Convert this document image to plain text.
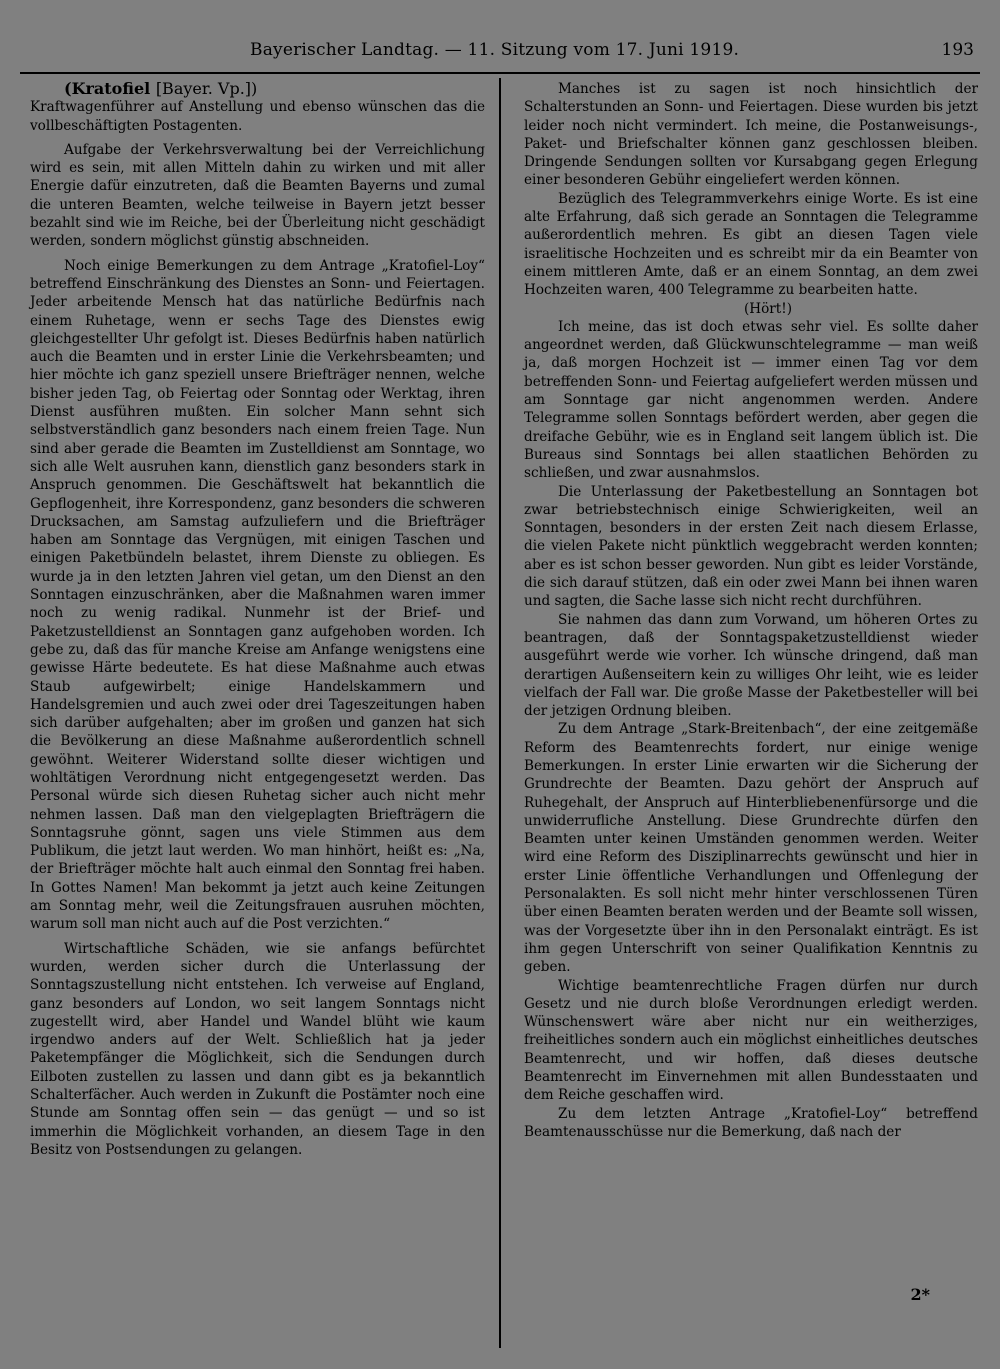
Bayerischer Landtag. — 11. Sitzung vom 17. Juni 1919.	193

(Kratofiel [Bayer. Vp.])

Kraftwagenführer auf Anstellung und ebenso wünschen das die vollbeschäftigten Postagenten.

Aufgabe der Verkehrsverwaltung bei der Verreichlichung wird es sein, mit allen Mitteln dahin zu wirken und mit aller Energie dafür einzutreten, daß die Beamten Bayerns und zumal die unteren Beamten, welche teilweise in Bayern jetzt besser bezahlt sind wie im Reiche, bei der Überleitung nicht geschädigt werden, sondern möglichst günstig abschneiden.

Noch einige Bemerkungen zu dem Antrage „Kratofiel-Loy“ betreffend Einschränkung des Dienstes an Sonn- und Feiertagen. Jeder arbeitende Mensch hat das natürliche Bedürfnis nach einem Ruhetage, wenn er sechs Tage des Dienstes ewig gleichgestellter Uhr gefolgt ist. Dieses Bedürfnis haben natürlich auch die Beamten und in erster Linie die Verkehrsbeamten; und hier möchte ich ganz speziell unsere Briefträger nennen, welche bisher jeden Tag, ob Feiertag oder Sonntag oder Werktag, ihren Dienst ausführen mußten. Ein solcher Mann sehnt sich selbstverständlich ganz besonders nach einem freien Tage. Nun sind aber gerade die Beamten im Zustelldienst am Sonntage, wo sich alle Welt ausruhen kann, dienstlich ganz besonders stark in Anspruch genommen. Die Geschäftswelt hat bekanntlich die Gepflogenheit, ihre Korrespondenz, ganz besonders die schweren Drucksachen, am Samstag aufzuliefern und die Briefträger haben am Sonntage das Vergnügen, mit einigen Taschen und einigen Paketbündeln belastet, ihrem Dienste zu obliegen. Es wurde ja in den letzten Jahren viel getan, um den Dienst an den Sonntagen einzuschränken, aber die Maßnahmen waren immer noch zu wenig radikal. Nunmehr ist der Brief- und Paketzustelldienst an Sonntagen ganz aufgehoben worden. Ich gebe zu, daß das für manche Kreise am Anfange wenigstens eine gewisse Härte bedeutete. Es hat diese Maßnahme auch etwas Staub aufgewirbelt; einige Handelskammern und Handelsgremien und auch zwei oder drei Tageszeitungen haben sich darüber aufgehalten; aber im großen und ganzen hat sich die Bevölkerung an diese Maßnahme außerordentlich schnell gewöhnt. Weiterer Widerstand sollte dieser wichtigen und wohltätigen Verordnung nicht entgegengesetzt werden. Das Personal würde sich diesen Ruhetag sicher auch nicht mehr nehmen lassen. Daß man den vielgeplagten Briefträgern die Sonntagsruhe gönnt, sagen uns viele Stimmen aus dem Publikum, die jetzt laut werden. Wo man hinhört, heißt es: „Na, der Briefträger möchte halt auch einmal den Sonntag frei haben. In Gottes Namen! Man bekommt ja jetzt auch keine Zeitungen am Sonntag mehr, weil die Zeitungsfrauen ausruhen möchten, warum soll man nicht auch auf die Post verzichten.“

Wirtschaftliche Schäden, wie sie anfangs befürchtet wurden, werden sicher durch die Unterlassung der Sonntagszustellung nicht entstehen. Ich verweise auf England, ganz besonders auf London, wo seit langem Sonntags nicht zugestellt wird, aber Handel und Wandel blüht wie kaum irgendwo anders auf der Welt. Schließlich hat ja jeder Paketempfänger die Möglichkeit, sich die Sendungen durch Eilboten zustellen zu lassen und dann gibt es ja bekanntlich Schalterfächer. Auch werden in Zukunft die Postämter noch eine Stunde am Sonntag offen sein — das genügt — und so ist immerhin die Möglichkeit vorhanden, an diesem Tage in den Besitz von Postsendungen zu gelangen.

Manches ist zu sagen ist noch hinsichtlich der Schalterstunden an Sonn- und Feiertagen. Diese wurden bis jetzt leider noch nicht vermindert. Ich meine, die Postanweisungs-, Paket- und Briefschalter können ganz geschlossen bleiben. Dringende Sendungen sollten vor Kursabgang gegen Erlegung einer besonderen Gebühr eingeliefert werden können.

Bezüglich des Telegrammverkehrs einige Worte. Es ist eine alte Erfahrung, daß sich gerade an Sonntagen die Telegramme außerordentlich mehren. Es gibt an diesen Tagen viele israelitische Hochzeiten und es schreibt mir da ein Beamter von einem mittleren Amte, daß er an einem Sonntag, an dem zwei Hochzeiten waren, 400 Telegramme zu bearbeiten hatte.

(Hört!)

Ich meine, das ist doch etwas sehr viel. Es sollte daher angeordnet werden, daß Glückwunschtelegramme — man weiß ja, daß morgen Hochzeit ist — immer einen Tag vor dem betreffenden Sonn- und Feiertag aufgeliefert werden müssen und am Sonntage gar nicht angenommen werden. Andere Telegramme sollen Sonntags befördert werden, aber gegen die dreifache Gebühr, wie es in England seit langem üblich ist. Die Bureaus sind Sonntags bei allen staatlichen Behörden zu schließen, und zwar ausnahmslos.

Die Unterlassung der Paketbestellung an Sonntagen bot zwar betriebstechnisch einige Schwierigkeiten, weil an Sonntagen, besonders in der ersten Zeit nach diesem Erlasse, die vielen Pakete nicht pünktlich weggebracht werden konnten; aber es ist schon besser geworden. Nun gibt es leider Vorstände, die sich darauf stützen, daß ein oder zwei Mann bei ihnen waren und sagten, die Sache lasse sich nicht recht durchführen.

Sie nahmen das dann zum Vorwand, um höheren Ortes zu beantragen, daß der Sonntagspaketzustelldienst wieder ausgeführt werde wie vorher. Ich wünsche dringend, daß man derartigen Außenseitern kein zu williges Ohr leiht, wie es leider vielfach der Fall war. Die große Masse der Paketbesteller will bei der jetzigen Ordnung bleiben.

Zu dem Antrage „Stark-Breitenbach“, der eine zeitgemäße Reform des Beamtenrechts fordert, nur einige wenige Bemerkungen. In erster Linie erwarten wir die Sicherung der Grundrechte der Beamten. Dazu gehört der Anspruch auf Ruhegehalt, der Anspruch auf Hinterbliebenenfürsorge und die unwiderrufliche Anstellung. Diese Grundrechte dürfen den Beamten unter keinen Umständen genommen werden. Weiter wird eine Reform des Disziplinarrechts gewünscht und hier in erster Linie öffentliche Verhandlungen und Offenlegung der Personalakten. Es soll nicht mehr hinter verschlossenen Türen über einen Beamten beraten werden und der Beamte soll wissen, was der Vorgesetzte über ihn in den Personalakt einträgt. Es ist ihm gegen Unterschrift von seiner Qualifikation Kenntnis zu geben.

Wichtige beamtenrechtliche Fragen dürfen nur durch Gesetz und nie durch bloße Verordnungen erledigt werden. Wünschenswert wäre aber nicht nur ein weitherziges, freiheitliches sondern auch ein möglichst einheitliches deutsches Beamtenrecht, und wir hoffen, daß dieses deutsche Beamtenrecht im Einvernehmen mit allen Bundesstaaten und dem Reiche geschaffen wird.

Zu dem letzten Antrage „Kratofiel-Loy“ betreffend Beamtenausschüsse nur die Bemerkung, daß nach der

2*
